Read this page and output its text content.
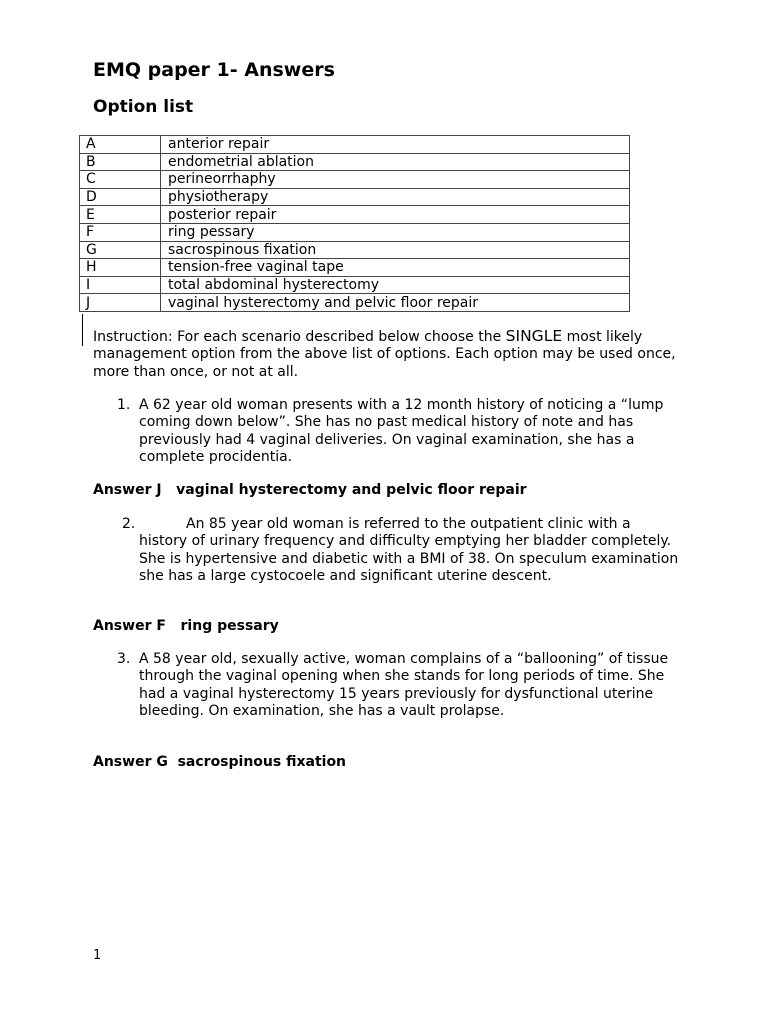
EMQ paper 1- Answers
Option list
A	anterior repair
B	endometrial ablation
C	perineorrhaphy
D	physiotherapy
E	posterior repair
F	ring pessary
G	sacrospinous fixation
H	tension-free vaginal tape
I	total abdominal hysterectomy
J	vaginal hysterectomy and pelvic floor repair

Instruction: For each scenario described below choose the SINGLE most likely management option from the above list of options. Each option may be used once, more than once, or not at all.

1. A 62 year old woman presents with a 12 month history of noticing a “lump coming down below”. She has no past medical history of note and has previously had 4 vaginal deliveries. On vaginal examination, she has a complete procidentia.

Answer J   vaginal hysterectomy and pelvic floor repair

2.	An 85 year old woman is referred to the outpatient clinic with a history of urinary frequency and difficulty emptying her bladder completely. She is hypertensive and diabetic with a BMI of 38. On speculum examination she has a large cystocoele and significant uterine descent.

Answer F   ring pessary

3. A 58 year old, sexually active, woman complains of a “ballooning” of tissue through the vaginal opening when she stands for long periods of time. She had a vaginal hysterectomy 15 years previously for dysfunctional uterine bleeding. On examination, she has a vault prolapse.

Answer G  sacrospinous fixation

1
